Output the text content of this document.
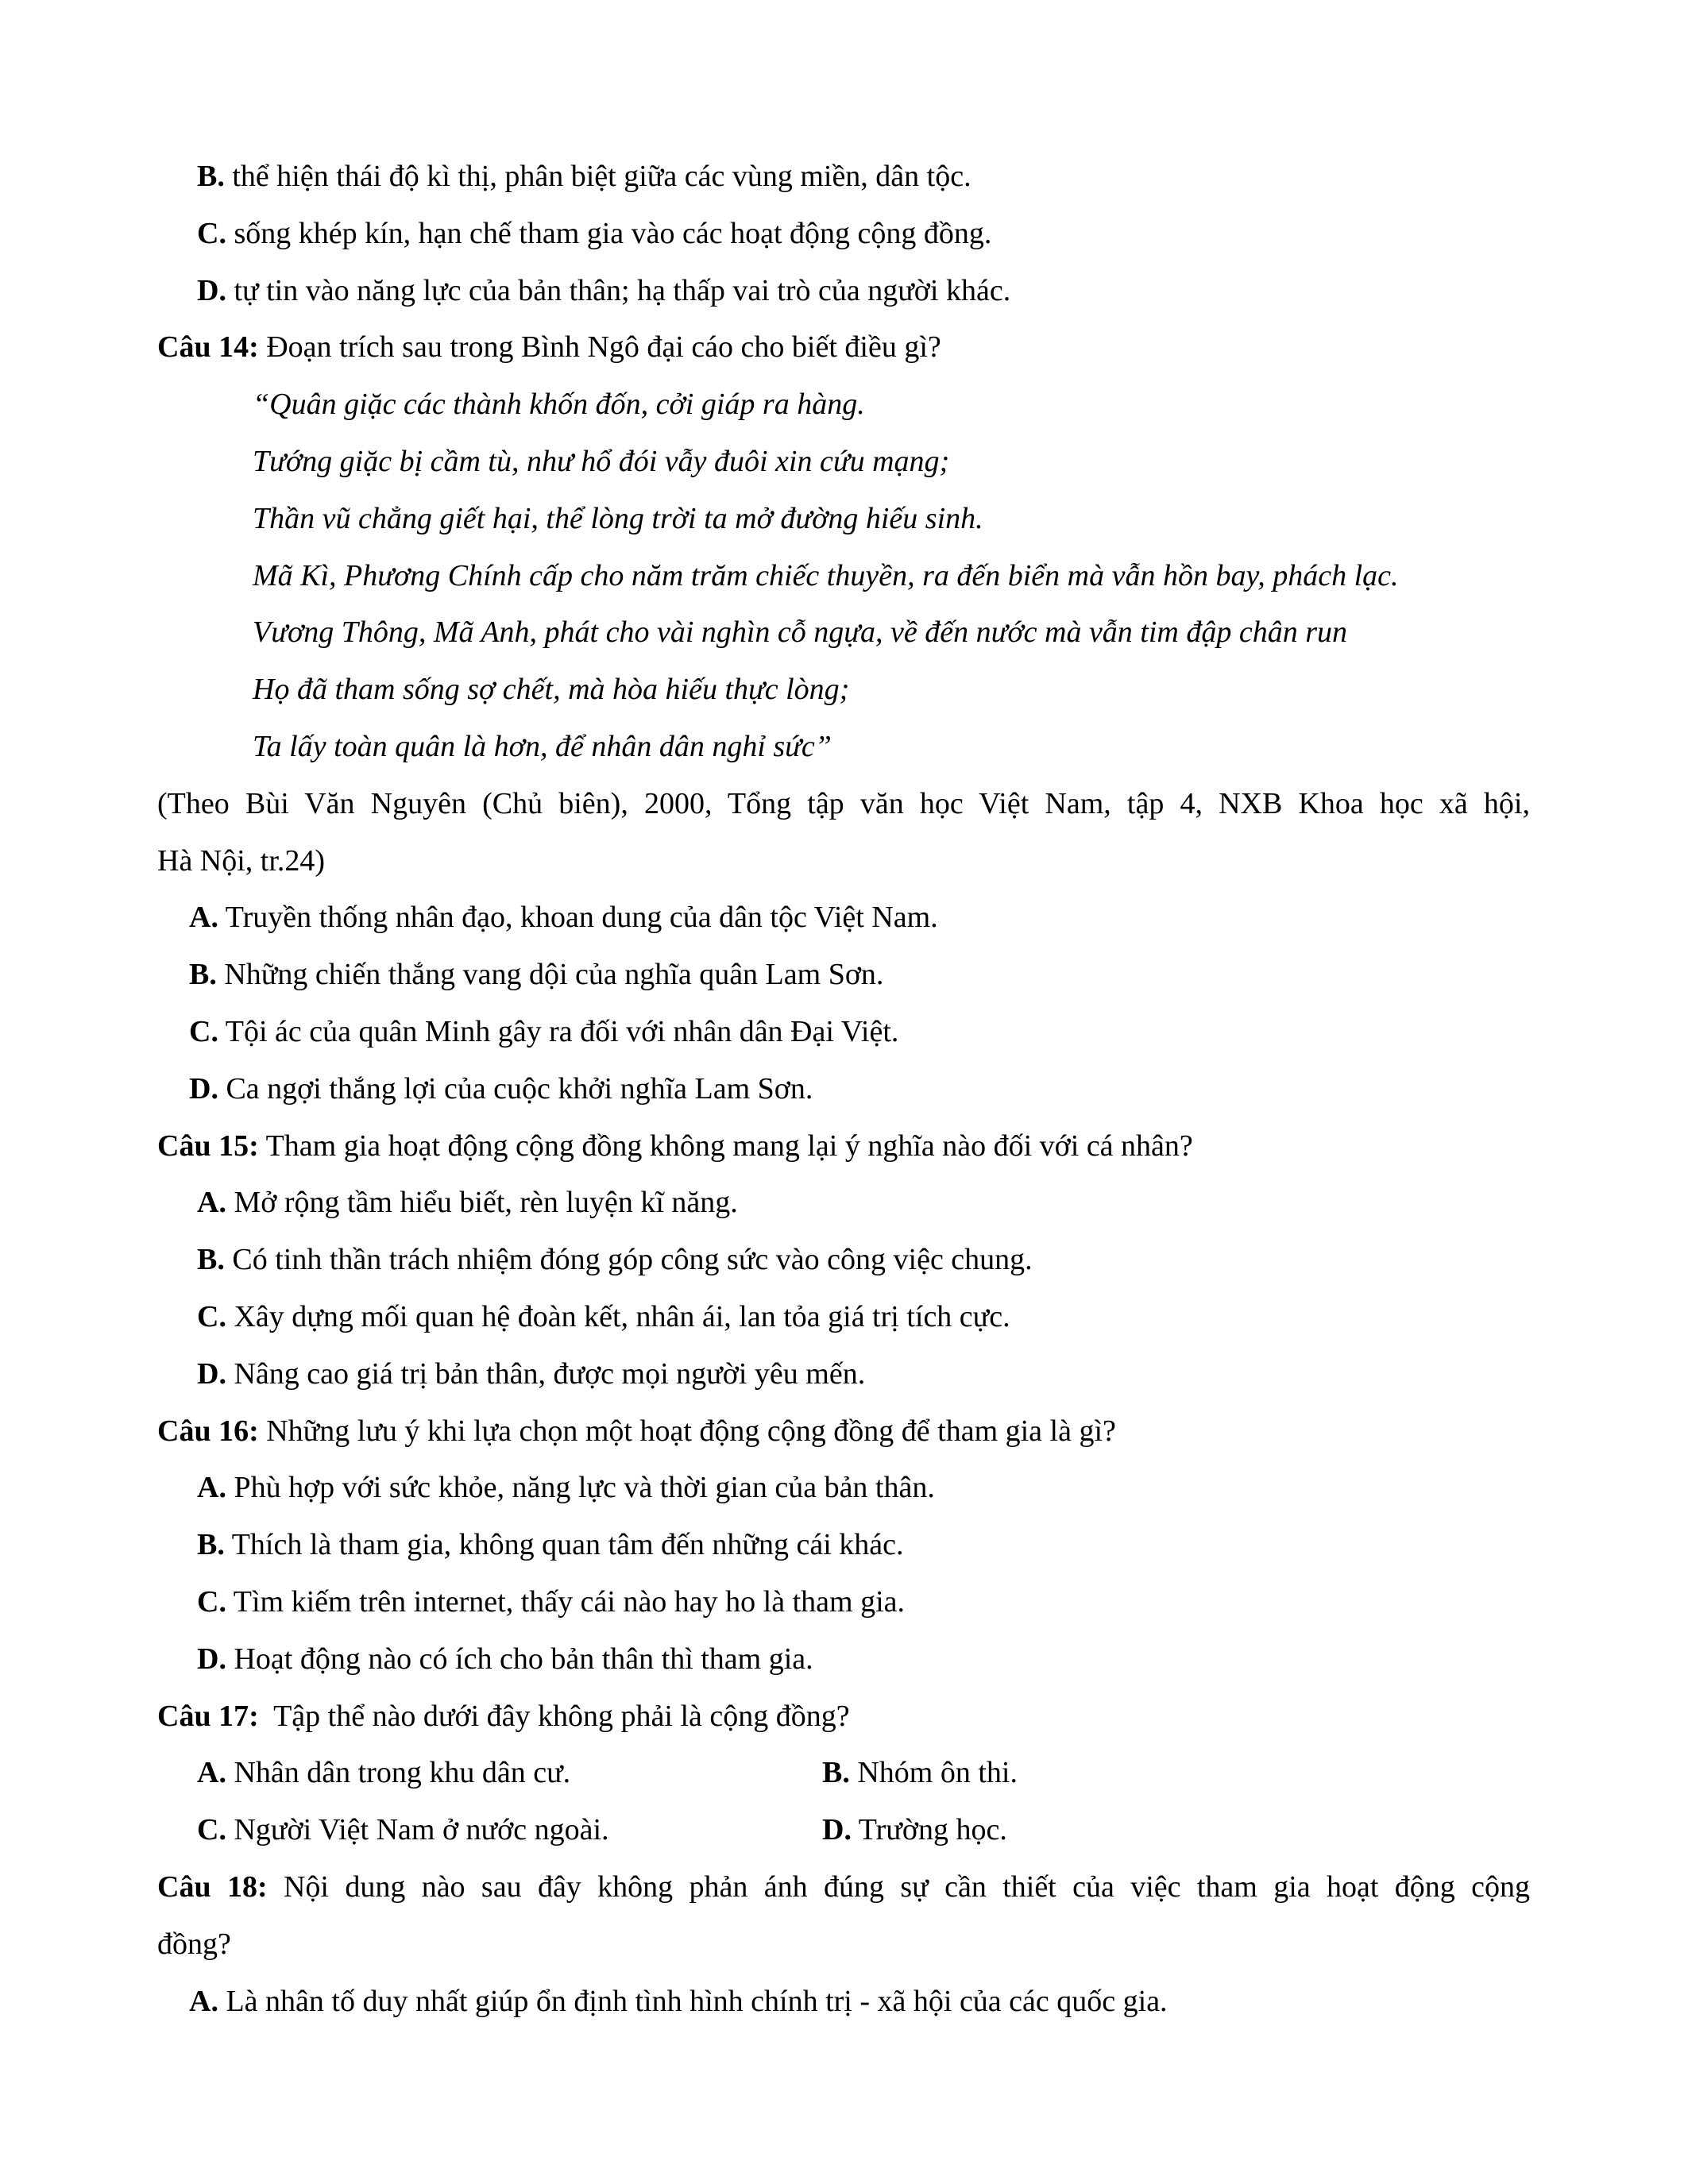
B. thể hiện thái độ kì thị, phân biệt giữa các vùng miền, dân tộc.
C. sống khép kín, hạn chế tham gia vào các hoạt động cộng đồng.
D. tự tin vào năng lực của bản thân; hạ thấp vai trò của người khác.
Câu 14: Đoạn trích sau trong Bình Ngô đại cáo cho biết điều gì?
“Quân giặc các thành khốn đốn, cởi giáp ra hàng.
Tướng giặc bị cầm tù, như hổ đói vẫy đuôi xin cứu mạng;
Thần vũ chẳng giết hại, thể lòng trời ta mở đường hiếu sinh.
Mã Kì, Phương Chính cấp cho năm trăm chiếc thuyền, ra đến biển mà vẫn hồn bay, phách lạc.
Vương Thông, Mã Anh, phát cho vài nghìn cỗ ngựa, về đến nước mà vẫn tim đập chân run
Họ đã tham sống sợ chết, mà hòa hiếu thực lòng;
Ta lấy toàn quân là hơn, để nhân dân nghỉ sức”
(Theo Bùi Văn Nguyên (Chủ biên), 2000, Tổng tập văn học Việt Nam, tập 4, NXB Khoa học xã hội,
Hà Nội, tr.24)
A. Truyền thống nhân đạo, khoan dung của dân tộc Việt Nam.
B. Những chiến thắng vang dội của nghĩa quân Lam Sơn.
C. Tội ác của quân Minh gây ra đối với nhân dân Đại Việt.
D. Ca ngợi thắng lợi của cuộc khởi nghĩa Lam Sơn.
Câu 15: Tham gia hoạt động cộng đồng không mang lại ý nghĩa nào đối với cá nhân?
A. Mở rộng tầm hiểu biết, rèn luyện kĩ năng.
B. Có tinh thần trách nhiệm đóng góp công sức vào công việc chung.
C. Xây dựng mối quan hệ đoàn kết, nhân ái, lan tỏa giá trị tích cực.
D. Nâng cao giá trị bản thân, được mọi người yêu mến.
Câu 16: Những lưu ý khi lựa chọn một hoạt động cộng đồng để tham gia là gì?
A. Phù hợp với sức khỏe, năng lực và thời gian của bản thân.
B. Thích là tham gia, không quan tâm đến những cái khác.
C. Tìm kiếm trên internet, thấy cái nào hay ho là tham gia.
D. Hoạt động nào có ích cho bản thân thì tham gia.
Câu 17: Tập thể nào dưới đây không phải là cộng đồng?
A. Nhân dân trong khu dân cư.	B. Nhóm ôn thi.
C. Người Việt Nam ở nước ngoài.	D. Trường học.
Câu 18: Nội dung nào sau đây không phản ánh đúng sự cần thiết của việc tham gia hoạt động cộng
đồng?
A. Là nhân tố duy nhất giúp ổn định tình hình chính trị - xã hội của các quốc gia.
